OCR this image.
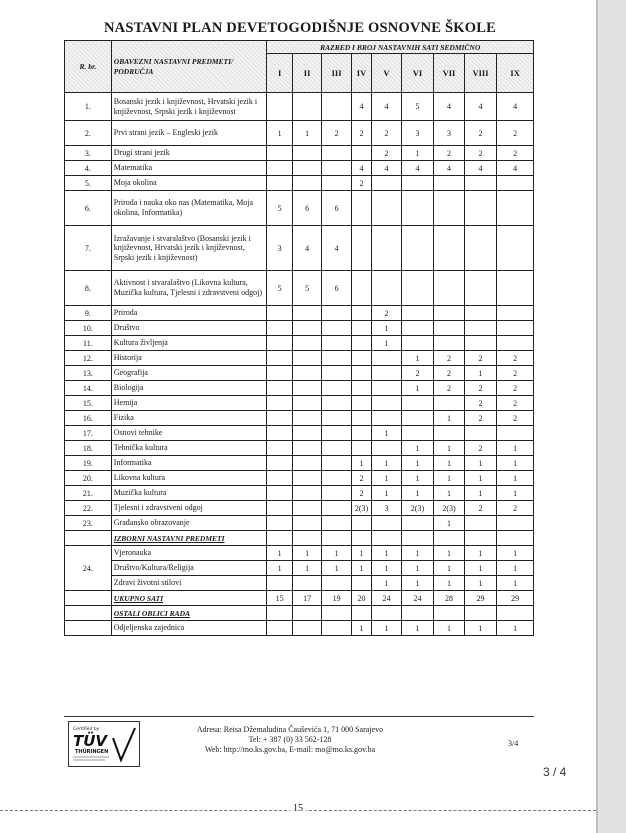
NASTAVNI PLAN DEVETOGODIŠNJE OSNOVNE ŠKOLE
R. br.	OBAVEZNI NASTAVNI PREDMETI/ PODRUČJA	RAZRED I BROJ NASTAVNIH SATI SEDMIČNO								
		I	II	III	IV	V	VI	VII	VIII	IX
1.	Bosanski jezik i književnost, Hrvatski jezik i književnost, Srpski jezik i književnost				4	4	5	4	4	4
2.	Prvi strani jezik – Engleski jezik	1	1	2	2	2	3	3	2	2
3.	Drugi strani jezik					2	1	2	2	2
4.	Matematika				4	4	4	4	4	4
5.	Moja okolina				2					
6.	Priroda i nauka oko nas (Matematika, Moja okolina, Informatika)	5	6	6						
7.	Izražavanje i stvaralaštvo (Bosanski jezik i književnost, Hrvatski jezik i književnost, Srpski jezik i književnost)	3	4	4						
8.	Aktivnost i stvaralaštvo (Likovna kultura, Muzička kultura, Tjelesni i zdravstveni odgoj)	5	5	6						
9.	Priroda					2				
10.	Društvo					1				
11.	Kultura življenja					1				
12.	Historija						1	2	2	2
13.	Geografija						2	2	1	2
14.	Biologija						1	2	2	2
15.	Hemija								2	2
16.	Fizika							1	2	2
17.	Osnovi tehnike					1				
18.	Tehnička kultura						1	1	2	1
19.	Informatika				1	1	1	1	1	1
20.	Likovna kultura				2	1	1	1	1	1
21.	Muzička kultura				2	1	1	1	1	1
22.	Tjelesni i zdravstveni odgoj				2(3)	3	2(3)	2(3)	2	2
23.	Građansko obrazovanje							1		
	IZBORNI NASTAVNI PREDMETI									
24.	Vjeronauka	1	1	1	1	1	1	1	1	1
	Društvo/Kultura/Religija	1	1	1	1	1	1	1	1	1
	Zdravi životni stilovi					1	1	1	1	1
	UKUPNO SATI	15	17	19	20	24	24	28	29	29
	OSTALI OBLICI RADA									
	Odjeljenska zajednica				1	1	1	1	1	1
Certified by
TÜV
THÜRINGEN
Adresa: Reisa Džemaludina Čauševića 1, 71 000 Sarajevo
Tel: + 387 (0) 33 562-128
Web: http://mo.ks.gov.ba, E-mail: mo@mo.ks.gov.ba
3/4
15
3 / 4
